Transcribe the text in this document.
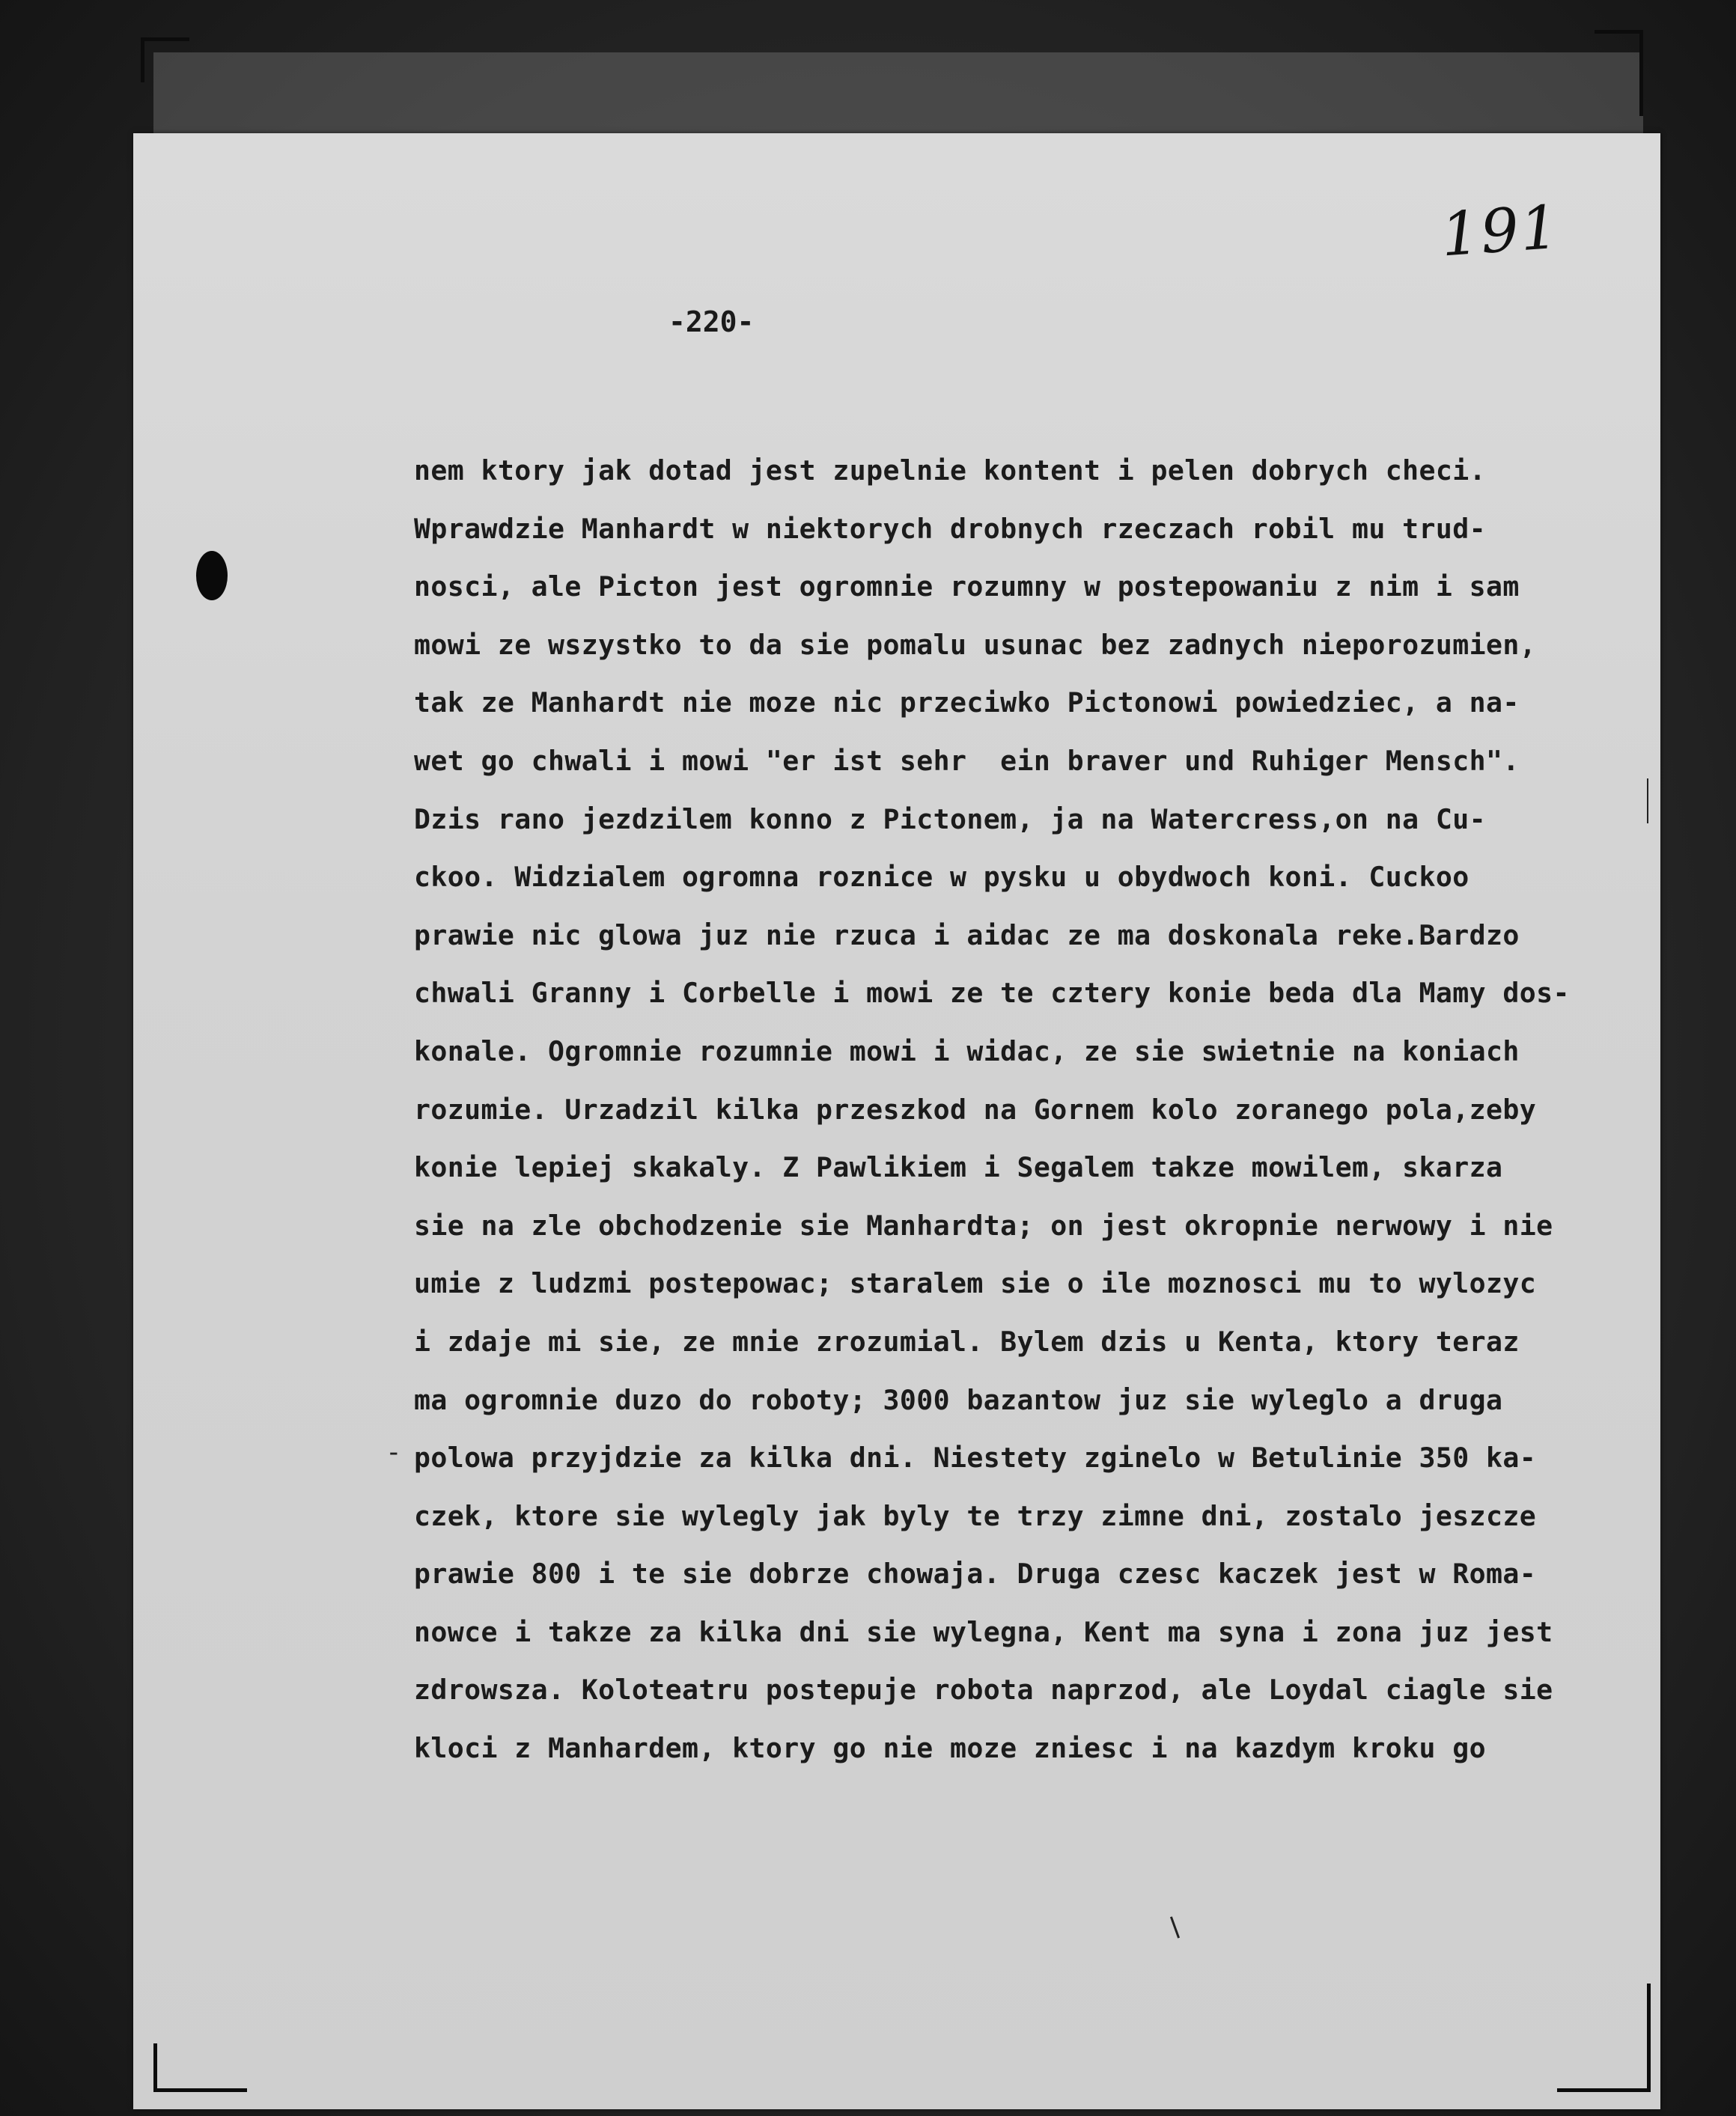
191
-220-
-
nem ktory jak dotad jest zupelnie kontent i pelen dobrych checi.
Wprawdzie Manhardt w niektorych drobnych rzeczach robil mu trud-
nosci, ale Picton jest ogromnie rozumny w postepowaniu z nim i sam
mowi ze wszystko to da sie pomalu usunac bez zadnych nieporozumien,
tak ze Manhardt nie moze nic przeciwko Pictonowi powiedziec, a na-
wet go chwali i mowi "er ist sehr  ein braver und Ruhiger Mensch".
Dzis rano jezdzilem konno z Pictonem, ja na Watercress,on na Cu-
ckoo. Widzialem ogromna roznice w pysku u obydwoch koni. Cuckoo
prawie nic glowa juz nie rzuca i aidac ze ma doskonala reke.Bardzo
chwali Granny i Corbelle i mowi ze te cztery konie beda dla Mamy dos-
konale. Ogromnie rozumnie mowi i widac, ze sie swietnie na koniach
rozumie. Urzadzil kilka przeszkod na Gornem kolo zoranego pola,zeby
konie lepiej skakaly. Z Pawlikiem i Segalem takze mowilem, skarza
sie na zle obchodzenie sie Manhardta; on jest okropnie nerwowy i nie
umie z ludzmi postepowac; staralem sie o ile moznosci mu to wylozyc
i zdaje mi sie, ze mnie zrozumial. Bylem dzis u Kenta, ktory teraz
ma ogromnie duzo do roboty; 3000 bazantow juz sie wyleglo a druga
polowa przyjdzie za kilka dni. Niestety zginelo w Betulinie 350 ka-
czek, ktore sie wylegly jak byly te trzy zimne dni, zostalo jeszcze
prawie 800 i te sie dobrze chowaja. Druga czesc kaczek jest w Roma-
nowce i takze za kilka dni sie wylegna, Kent ma syna i zona juz jest
zdrowsza. Koloteatru postepuje robota naprzod, ale Loydal ciagle sie
kloci z Manhardem, ktory go nie moze zniesc i na kazdym kroku go
